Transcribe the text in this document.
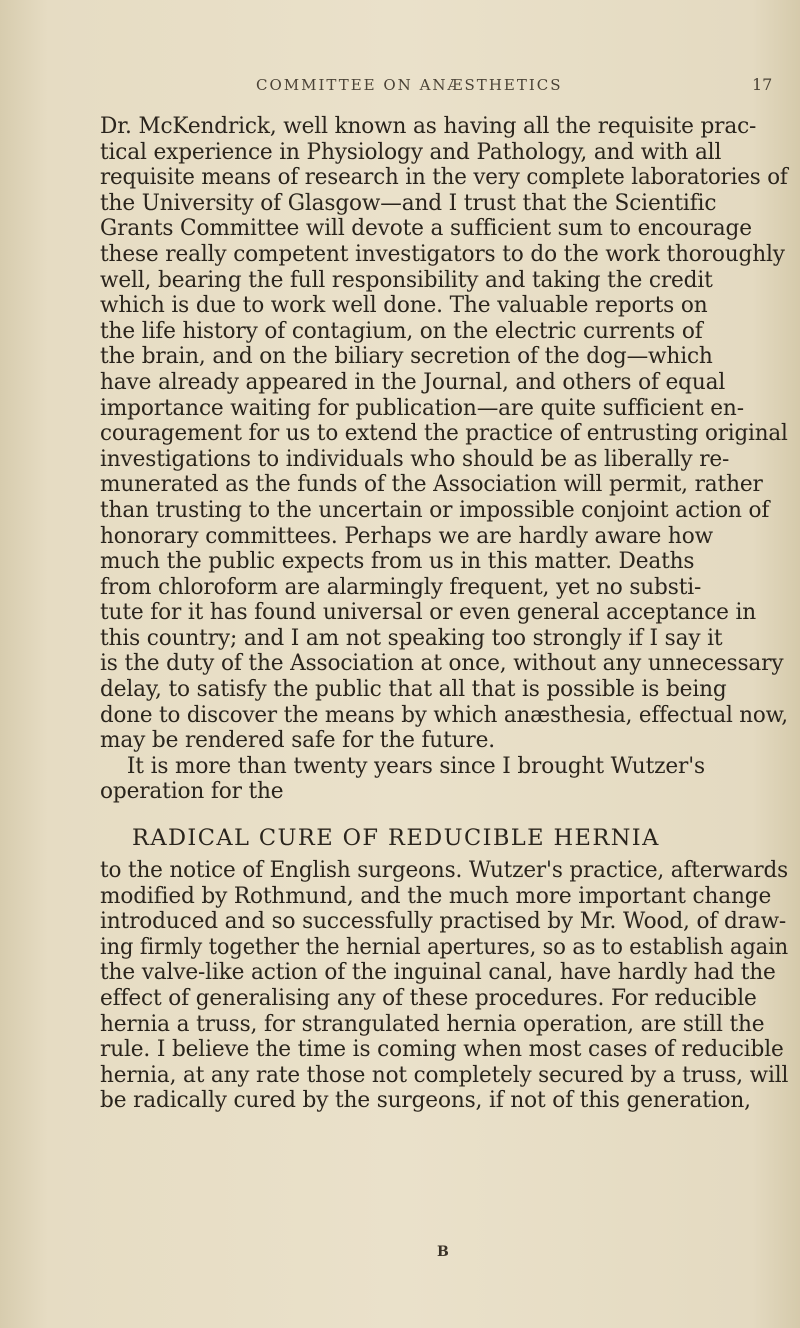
COMMITTEE ON ANÆSTHETICS	17
Dr. McKendrick, well known as having all the requisite prac-
tical experience in Physiology and Pathology, and with all
requisite means of research in the very complete laboratories of
the University of Glasgow—and I trust that the Scientific
Grants Committee will devote a sufficient sum to encourage
these really competent investigators to do the work thoroughly
well, bearing the full responsibility and taking the credit
which is due to work well done. The valuable reports on
the life history of contagium, on the electric currents of
the brain, and on the biliary secretion of the dog—which
have already appeared in the Journal, and others of equal
importance waiting for publication—are quite sufficient en-
couragement for us to extend the practice of entrusting original
investigations to individuals who should be as liberally re-
munerated as the funds of the Association will permit, rather
than trusting to the uncertain or impossible conjoint action of
honorary committees. Perhaps we are hardly aware how
much the public expects from us in this matter. Deaths
from chloroform are alarmingly frequent, yet no substi-
tute for it has found universal or even general acceptance in
this country; and I am not speaking too strongly if I say it
is the duty of the Association at once, without any unnecessary
delay, to satisfy the public that all that is possible is being
done to discover the means by which anæsthesia, effectual now,
may be rendered safe for the future.
It is more than twenty years since I brought Wutzer's
operation for the
RADICAL CURE OF REDUCIBLE HERNIA
to the notice of English surgeons. Wutzer's practice, afterwards
modified by Rothmund, and the much more important change
introduced and so successfully practised by Mr. Wood, of draw-
ing firmly together the hernial apertures, so as to establish again
the valve-like action of the inguinal canal, have hardly had the
effect of generalising any of these procedures. For reducible
hernia a truss, for strangulated hernia operation, are still the
rule. I believe the time is coming when most cases of reducible
hernia, at any rate those not completely secured by a truss, will
be radically cured by the surgeons, if not of this generation,
B
